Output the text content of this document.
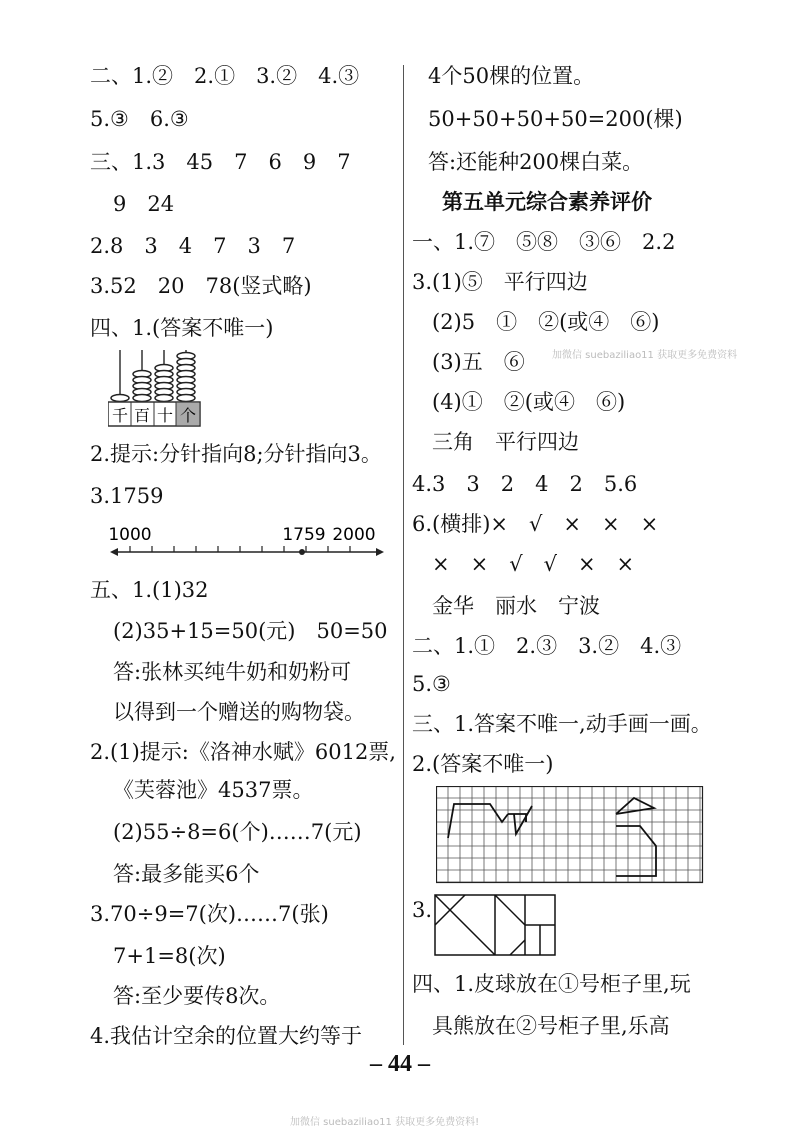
二、1.②　2.①　3.②　4.③
5.③　6.③
三、1.3　45　7　6　9　7
9　24
2.8　3　4　7　3　7
3.52　20　78(竖式略)
四、1.(答案不唯一)
千 百 十 个
2.提示:分针指向8;分针指向3。
3.1759
1000	1759 2000
五、1.(1)32
(2)35+15=50(元)　50=50
答:张林买纯牛奶和奶粉可
以得到一个赠送的购物袋。
2.(1)提示:《洛神水赋》6012票,
《芙蓉池》4537票。
(2)55÷8=6(个)……7(元)
答:最多能买6个
3.70÷9=7(次)……7(张)
7+1=8(次)
答:至少要传8次。
4.我估计空余的位置大约等于
4个50棵的位置。
50+50+50+50=200(棵)
答:还能种200棵白菜。
第五单元综合素养评价
一、1.⑦　⑤⑧　③⑥　2.2
3.(1)⑤　平行四边
(2)5　①　②(或④　⑥)
(3)五　⑥
(4)①　②(或④　⑥)
三角　平行四边
4.3　3　2　4　2　5.6
6.(横排)×　√　×　×　×
×　×　√　√　×　×
金华　丽水　宁波
二、1.①　2.③　3.②　4.③
5.③
三、1.答案不唯一,动手画一画。
2.(答案不唯一)
3.
四、1.皮球放在①号柜子里,玩
具熊放在②号柜子里,乐高
加微信 suebaziliao11 获取更多免费资料
– 44 –
加微信 suebaziliao11 获取更多免费资料!
